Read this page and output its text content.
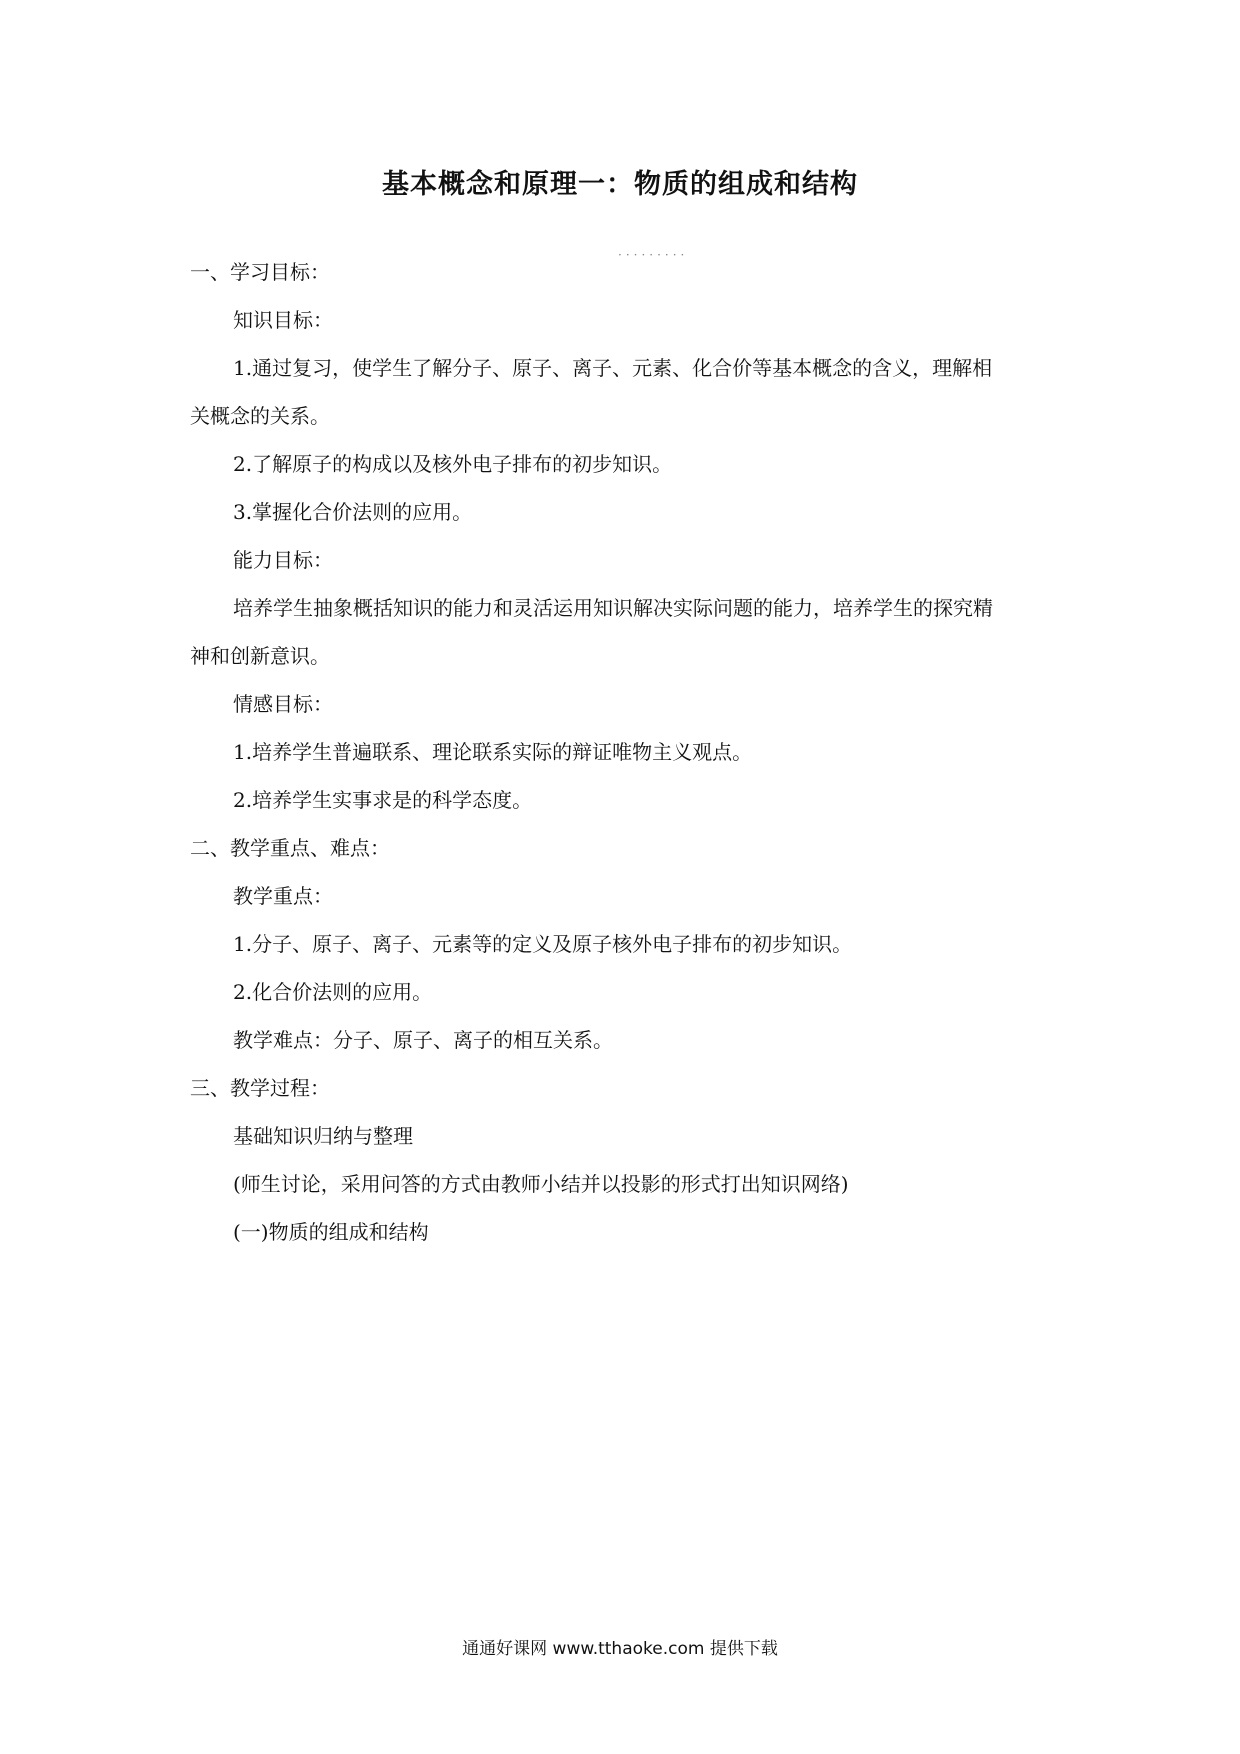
基本概念和原理一：物质的组成和结构
·········
一、学习目标：
知识目标：
1.通过复习，使学生了解分子、原子、离子、元素、化合价等基本概念的含义，理解相
关概念的关系。
2.了解原子的构成以及核外电子排布的初步知识。
3.掌握化合价法则的应用。
能力目标：
培养学生抽象概括知识的能力和灵活运用知识解决实际问题的能力，培养学生的探究精
神和创新意识。
情感目标：
1.培养学生普遍联系、理论联系实际的辩证唯物主义观点。
2.培养学生实事求是的科学态度。
二、教学重点、难点：
教学重点：
1.分子、原子、离子、元素等的定义及原子核外电子排布的初步知识。
2.化合价法则的应用。
教学难点：分子、原子、离子的相互关系。
三、教学过程：
基础知识归纳与整理
(师生讨论，采用问答的方式由教师小结并以投影的形式打出知识网络)
(一)物质的组成和结构
通通好课网 www.tthaoke.com 提供下载
